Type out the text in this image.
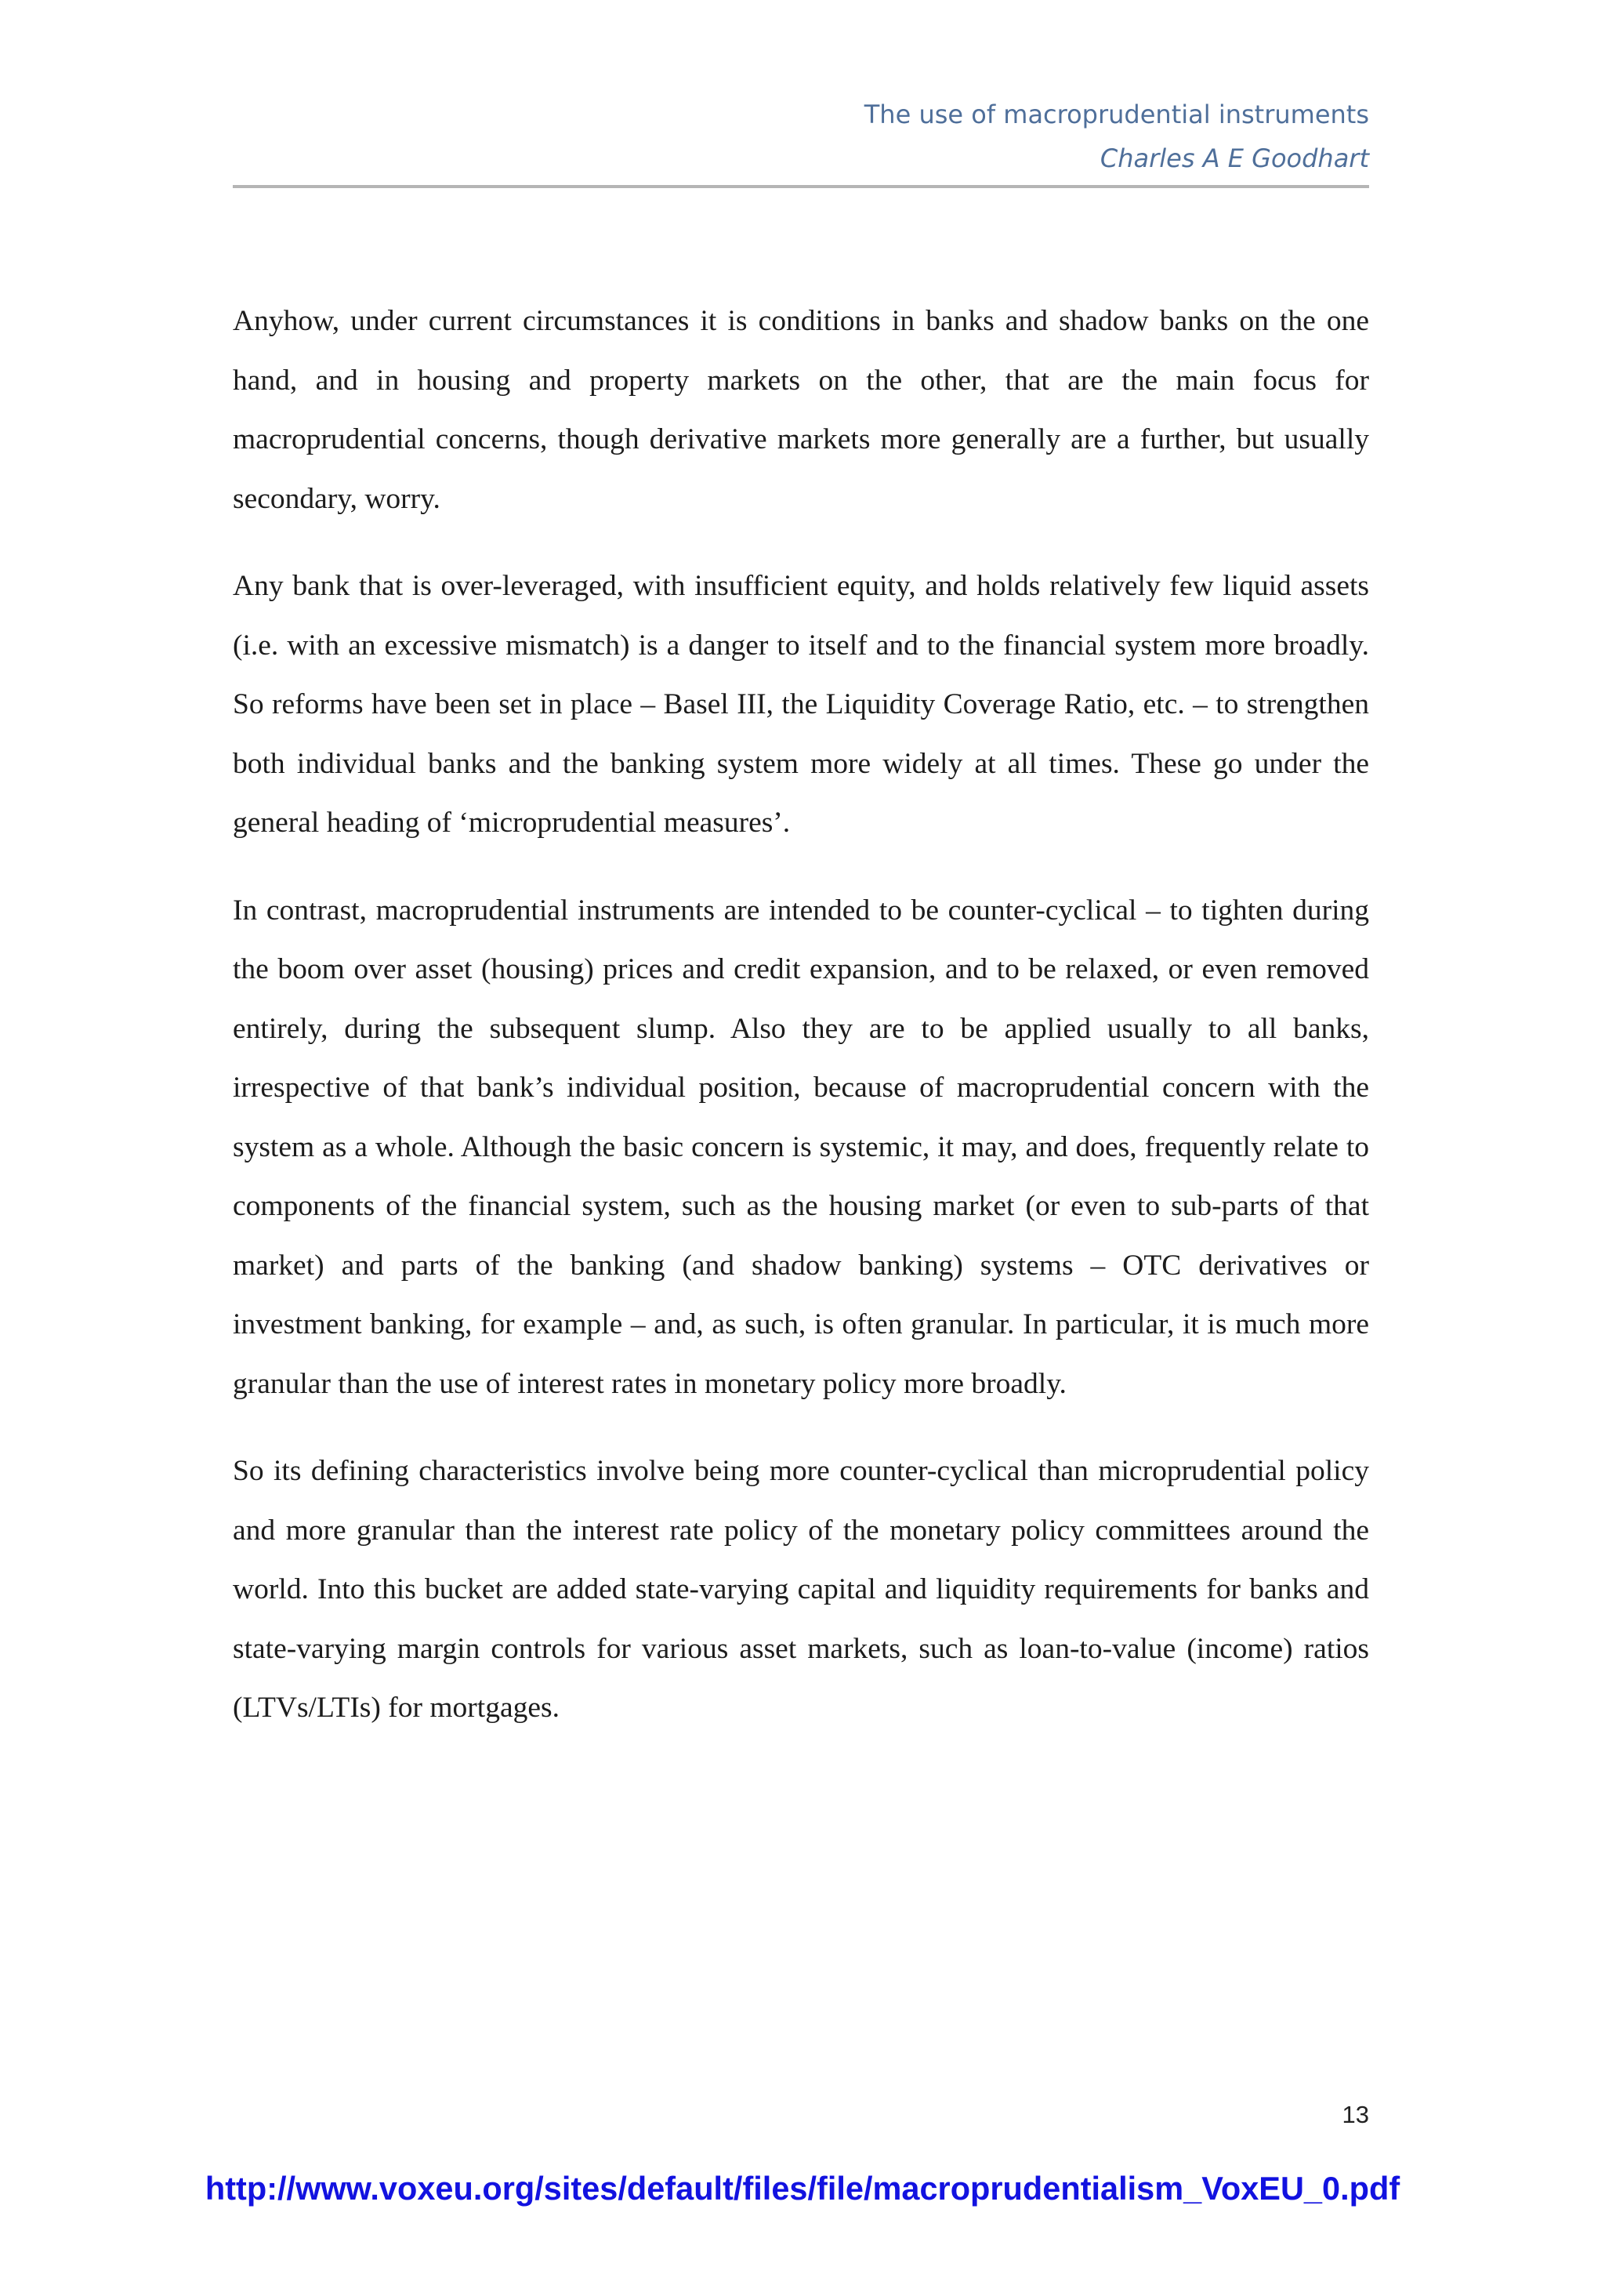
The use of macroprudential instruments
Charles A E Goodhart

Anyhow, under current circumstances it is conditions in banks and shadow banks on the one hand, and in housing and property markets on the other, that are the main focus for macroprudential concerns, though derivative markets more generally are a further, but usually secondary, worry.

Any bank that is over-leveraged, with insufficient equity, and holds relatively few liquid assets (i.e. with an excessive mismatch) is a danger to itself and to the financial system more broadly. So reforms have been set in place – Basel III, the Liquidity Coverage Ratio, etc. – to strengthen both individual banks and the banking system more widely at all times. These go under the general heading of ‘microprudential measures’.

In contrast, macroprudential instruments are intended to be counter-cyclical – to tighten during the boom over asset (housing) prices and credit expansion, and to be relaxed, or even removed entirely, during the subsequent slump. Also they are to be applied usually to all banks, irrespective of that bank’s individual position, because of macroprudential concern with the system as a whole. Although the basic concern is systemic, it may, and does, frequently relate to components of the financial system, such as the housing market (or even to sub-parts of that market) and parts of the banking (and shadow banking) systems – OTC derivatives or investment banking, for example – and, as such, is often granular. In particular, it is much more granular than the use of interest rates in monetary policy more broadly.

So its defining characteristics involve being more counter-cyclical than microprudential policy and more granular than the interest rate policy of the monetary policy committees around the world. Into this bucket are added state-varying capital and liquidity requirements for banks and state-varying margin controls for various asset markets, such as loan-to-value (income) ratios (LTVs/LTIs) for mortgages.

13
http://www.voxeu.org/sites/default/files/file/macroprudentialism_VoxEU_0.pdf
